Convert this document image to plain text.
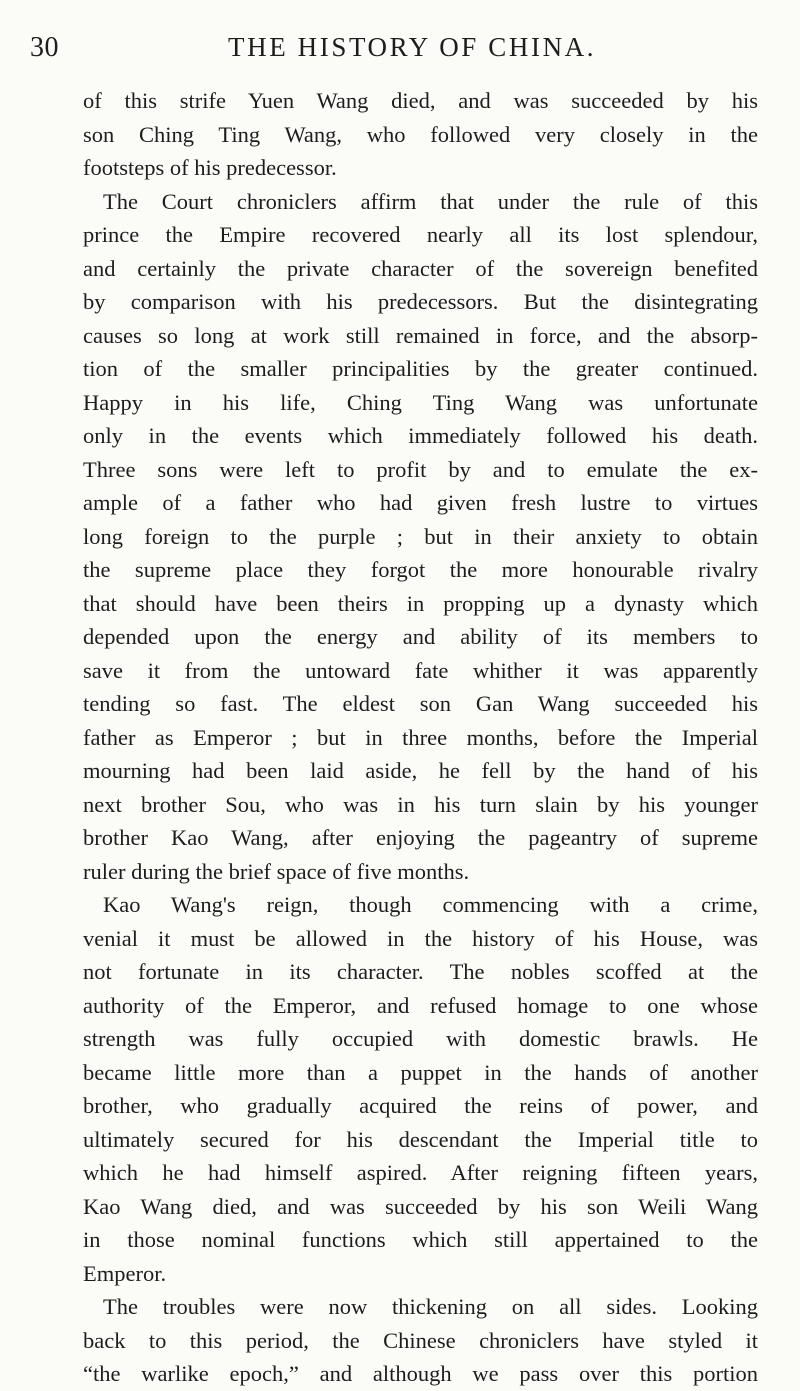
30	THE HISTORY OF CHINA.
of this strife Yuen Wang died, and was succeeded by his
son Ching Ting Wang, who followed very closely in the
footsteps of his predecessor.
The Court chroniclers affirm that under the rule of this
prince the Empire recovered nearly all its lost splendour,
and certainly the private character of the sovereign benefited
by comparison with his predecessors. But the disintegrating
causes so long at work still remained in force, and the absorp-
tion of the smaller principalities by the greater continued.
Happy in his life, Ching Ting Wang was unfortunate
only in the events which immediately followed his death.
Three sons were left to profit by and to emulate the ex-
ample of a father who had given fresh lustre to virtues
long foreign to the purple ; but in their anxiety to obtain
the supreme place they forgot the more honourable rivalry
that should have been theirs in propping up a dynasty which
depended upon the energy and ability of its members to
save it from the untoward fate whither it was apparently
tending so fast. The eldest son Gan Wang succeeded his
father as Emperor ; but in three months, before the Imperial
mourning had been laid aside, he fell by the hand of his
next brother Sou, who was in his turn slain by his younger
brother Kao Wang, after enjoying the pageantry of supreme
ruler during the brief space of five months.
Kao Wang's reign, though commencing with a crime,
venial it must be allowed in the history of his House, was
not fortunate in its character. The nobles scoffed at the
authority of the Emperor, and refused homage to one whose
strength was fully occupied with domestic brawls. He
became little more than a puppet in the hands of another
brother, who gradually acquired the reins of power, and
ultimately secured for his descendant the Imperial title to
which he had himself aspired. After reigning fifteen years,
Kao Wang died, and was succeeded by his son Weili Wang
in those nominal functions which still appertained to the
Emperor.
The troubles were now thickening on all sides. Looking
back to this period, the Chinese chroniclers have styled it
“the warlike epoch,” and although we pass over this portion
